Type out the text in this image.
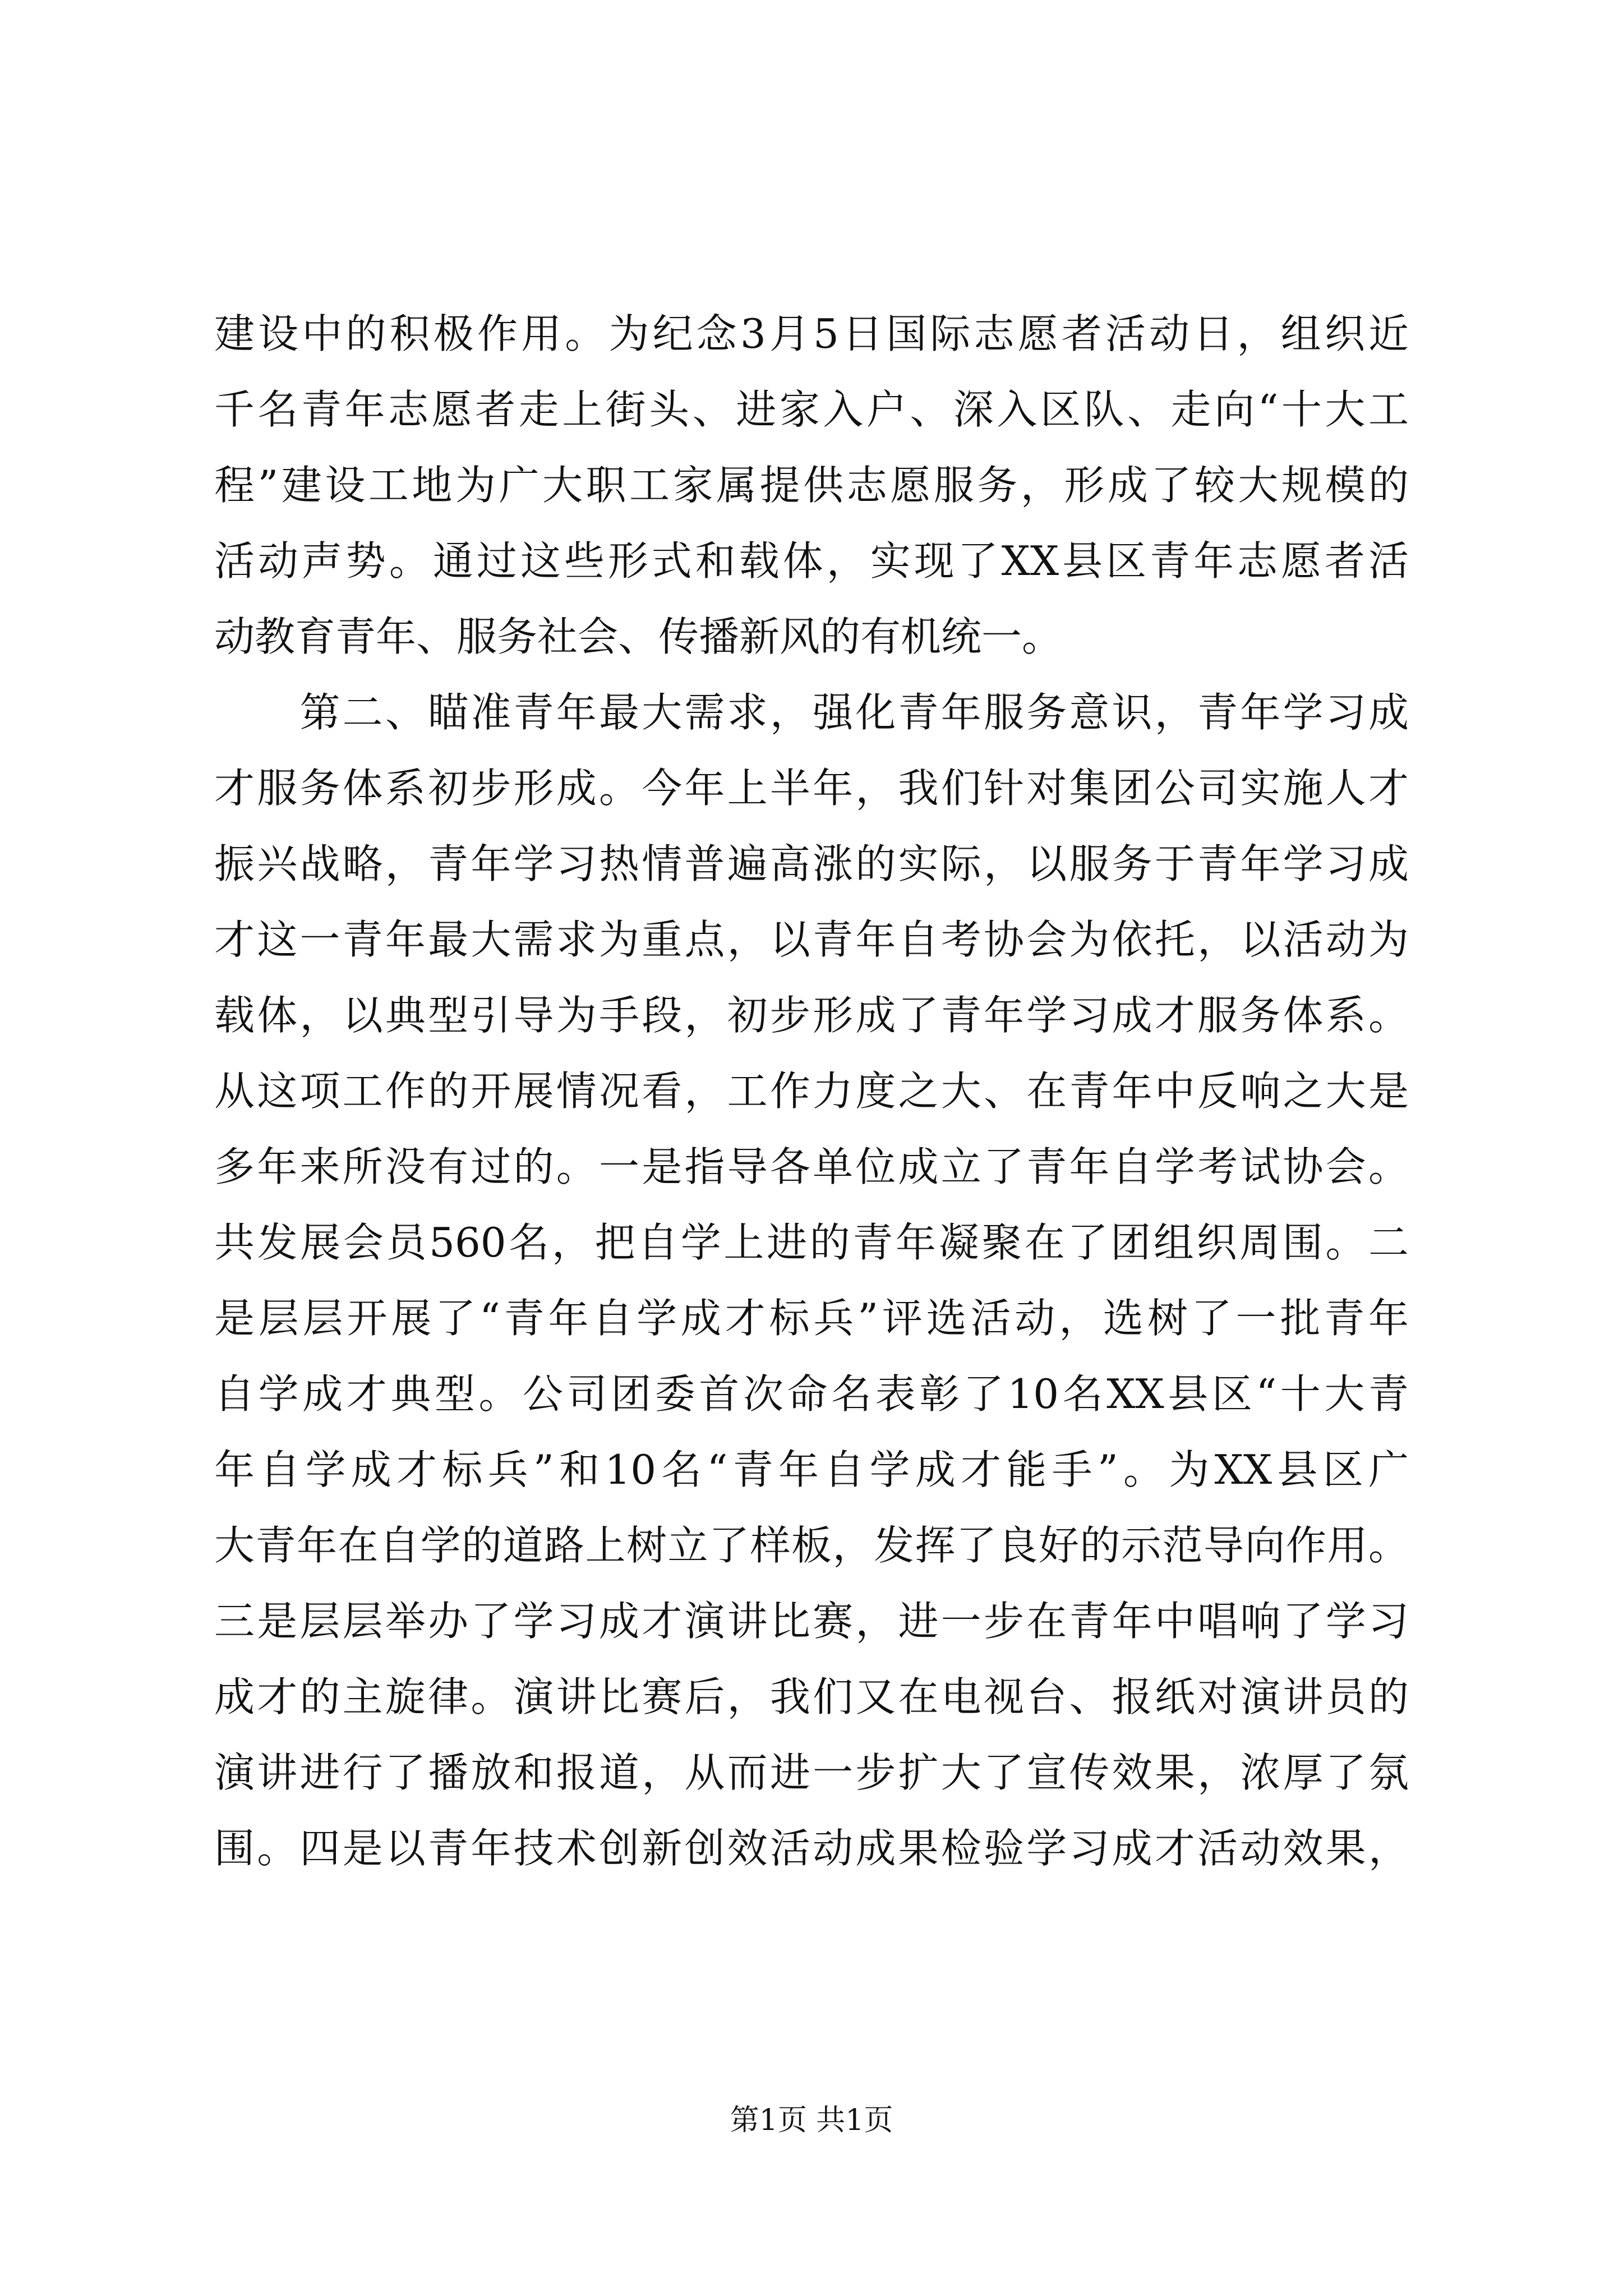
建设中的积极作用。为纪念3月5日国际志愿者活动日，组织近
千名青年志愿者走上街头、进家入户、深入区队、走向“十大工
程”建设工地为广大职工家属提供志愿服务，形成了较大规模的
活动声势。通过这些形式和载体，实现了XX县区青年志愿者活
动教育青年、服务社会、传播新风的有机统一。
　　第二、瞄准青年最大需求，强化青年服务意识，青年学习成
才服务体系初步形成。今年上半年，我们针对集团公司实施人才
振兴战略，青年学习热情普遍高涨的实际，以服务于青年学习成
才这一青年最大需求为重点，以青年自考协会为依托，以活动为
载体，以典型引导为手段，初步形成了青年学习成才服务体系。
从这项工作的开展情况看，工作力度之大、在青年中反响之大是
多年来所没有过的。一是指导各单位成立了青年自学考试协会。
共发展会员560名，把自学上进的青年凝聚在了团组织周围。二
是层层开展了“青年自学成才标兵”评选活动，选树了一批青年
自学成才典型。公司团委首次命名表彰了10名XX县区“十大青
年自学成才标兵”和10名“青年自学成才能手”。为XX县区广
大青年在自学的道路上树立了样板，发挥了良好的示范导向作用。
三是层层举办了学习成才演讲比赛，进一步在青年中唱响了学习
成才的主旋律。演讲比赛后，我们又在电视台、报纸对演讲员的
演讲进行了播放和报道，从而进一步扩大了宣传效果，浓厚了氛
围。四是以青年技术创新创效活动成果检验学习成才活动效果，
第1页 共1页
